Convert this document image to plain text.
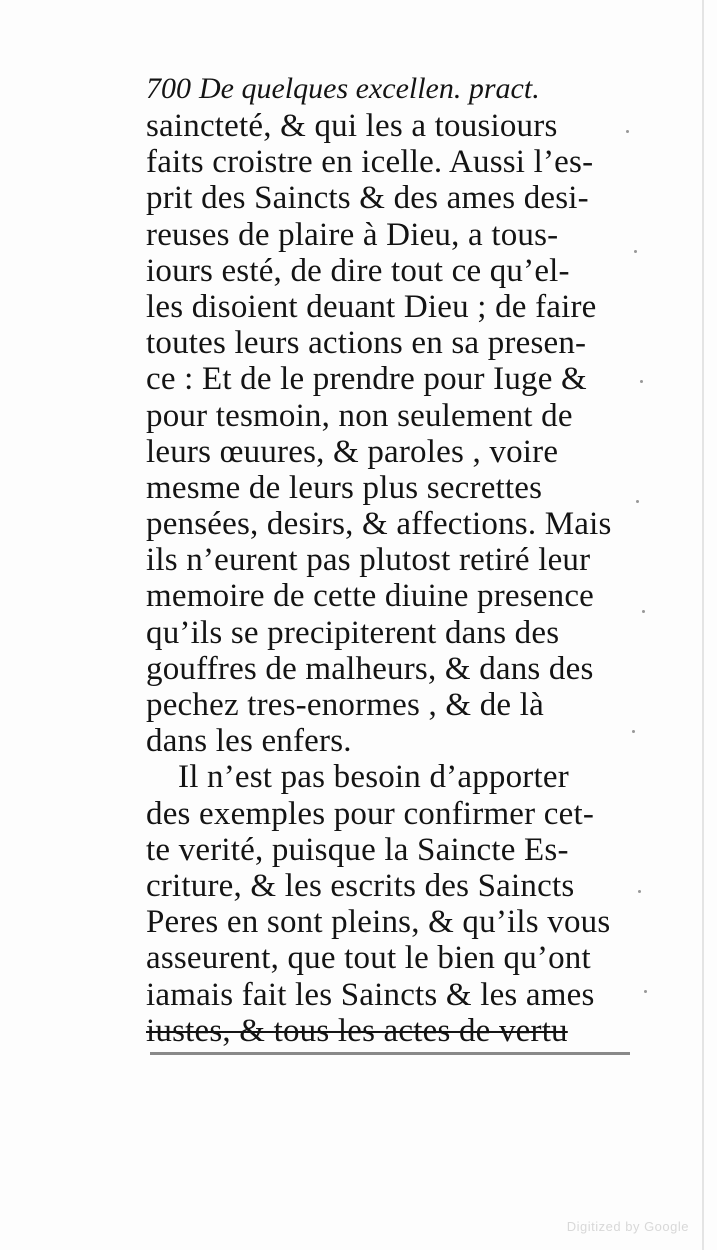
700 De quelques excellen. pract.
saincteté, & qui les a tousiours
faits croistre en icelle. Aussi l’es-
prit des Saincts & des ames desi-
reuses de plaire à Dieu, a tous-
iours esté, de dire tout ce qu’el-
les disoient deuant Dieu ; de faire
toutes leurs actions en sa presen-
ce : Et de le prendre pour Iuge &
pour tesmoin, non seulement de
leurs œuures, & paroles , voire
mesme de leurs plus secrettes
pensées, desirs, & affections. Mais
ils n’eurent pas plutost retiré leur
memoire de cette diuine presence
qu’ils se precipiterent dans des
gouffres de malheurs, & dans des
pechez tres-enormes , & de là
dans les enfers.
Il n’est pas besoin d’apporter
des exemples pour confirmer cet-
te verité, puisque la Saincte Es-
criture, & les escrits des Saincts
Peres en sont pleins, & qu’ils vous
asseurent, que tout le bien qu’ont
iamais fait les Saincts & les ames
iustes, & tous les actes de vertu
Digitized by Google
